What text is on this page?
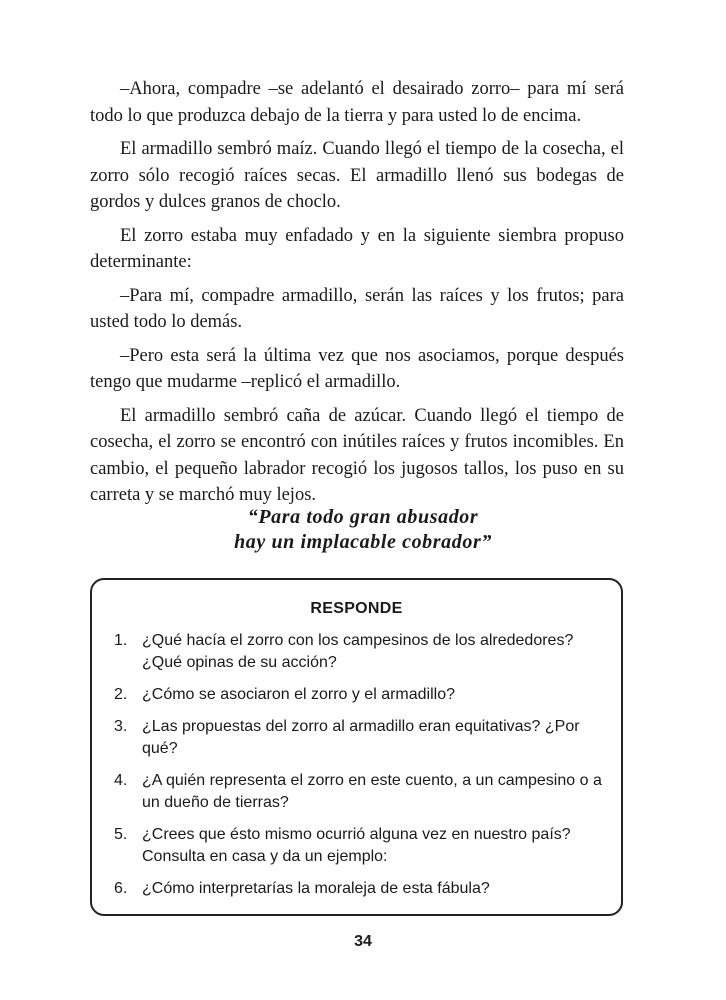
–Ahora, compadre –se adelantó el desairado zorro– para mí será todo lo que produzca debajo de la tierra y para usted lo de encima.

El armadillo sembró maíz. Cuando llegó el tiempo de la cosecha, el zorro sólo recogió raíces secas. El armadillo llenó sus bodegas de gordos y dulces granos de choclo.

El zorro estaba muy enfadado y en la siguiente siembra propuso determinante:

–Para mí, compadre armadillo, serán las raíces y los frutos; para usted todo lo demás.

–Pero esta será la última vez que nos asociamos, porque después tengo que mudarme –replicó el armadillo.

El armadillo sembró caña de azúcar. Cuando llegó el tiempo de cosecha, el zorro se encontró con inútiles raíces y frutos incomibles. En cambio, el pequeño labrador recogió los jugosos tallos, los puso en su carreta y se marchó muy lejos.

“Para todo gran abusador
hay un implacable cobrador”
RESPONDE
1. ¿Qué hacía el zorro con los campesinos de los alrededores? ¿Qué opinas de su acción?
2. ¿Cómo se asociaron el zorro y el armadillo?
3. ¿Las propuestas del zorro al armadillo eran equitativas? ¿Por qué?
4. ¿A quién representa el zorro en este cuento, a un campesino o a un dueño de tierras?
5. ¿Crees que ésto mismo ocurrió alguna vez en nuestro país? Consulta en casa y da un ejemplo:
6. ¿Cómo interpretarías la moraleja de esta fábula?
34
